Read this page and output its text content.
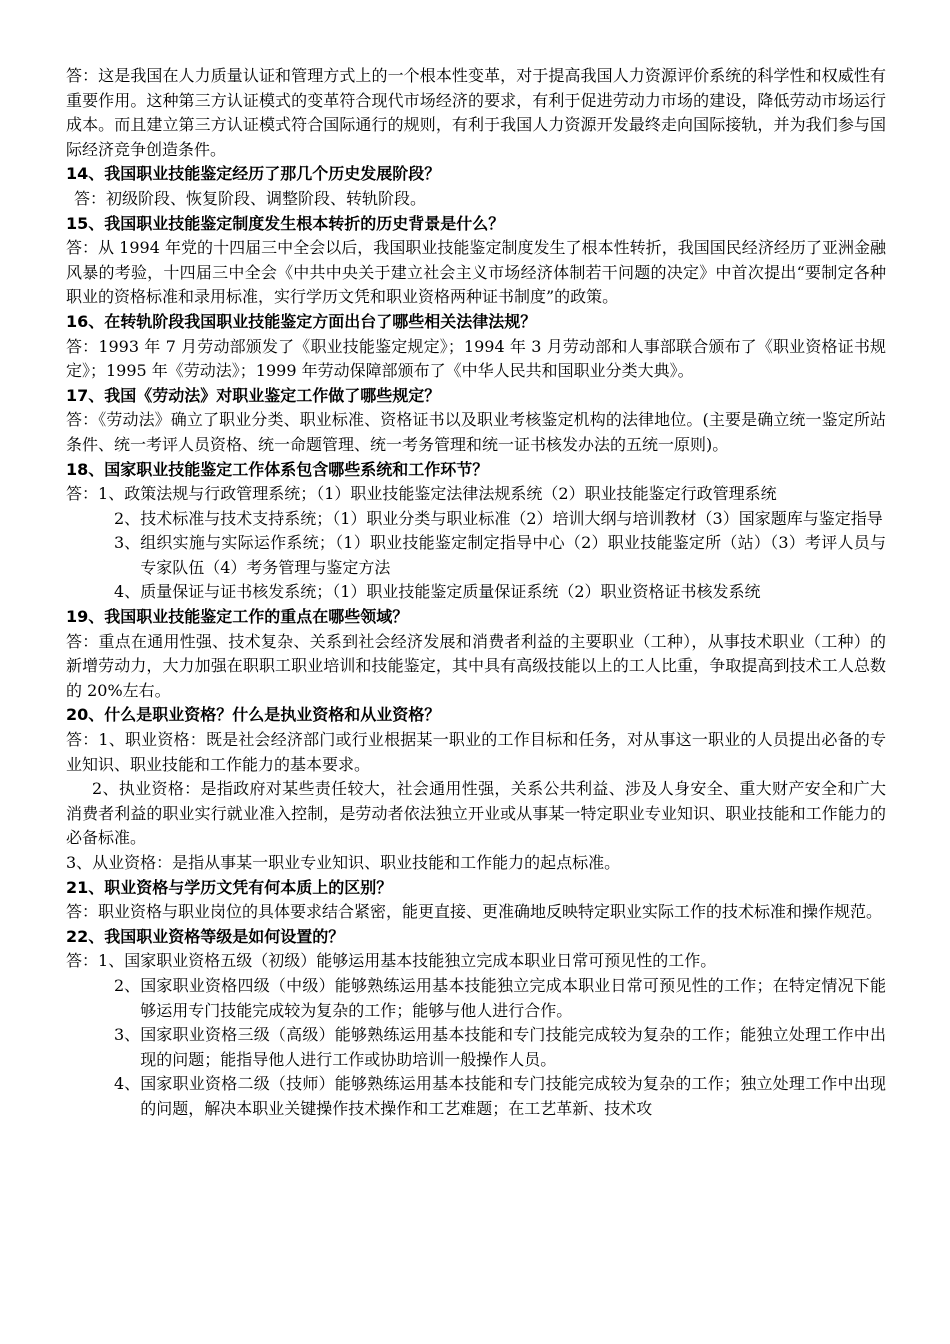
答：这是我国在人力质量认证和管理方式上的一个根本性变革，对于提高我国人力资源评价系统的科学性和权威性有重要作用。这种第三方认证模式的变革符合现代市场经济的要求，有利于促进劳动力市场的建设，降低劳动市场运行成本。而且建立第三方认证模式符合国际通行的规则，有利于我国人力资源开发最终走向国际接轨，并为我们参与国际经济竞争创造条件。

14、我国职业技能鉴定经历了那几个历史发展阶段？

答：初级阶段、恢复阶段、调整阶段、转轨阶段。

15、我国职业技能鉴定制度发生根本转折的历史背景是什么？

答：从 1994 年党的十四届三中全会以后，我国职业技能鉴定制度发生了根本性转折，我国国民经济经历了亚洲金融风暴的考验，十四届三中全会《中共中央关于建立社会主义市场经济体制若干问题的决定》中首次提出“要制定各种职业的资格标准和录用标准，实行学历文凭和职业资格两种证书制度”的政策。

16、在转轨阶段我国职业技能鉴定方面出台了哪些相关法律法规？

答：1993 年 7 月劳动部颁发了《职业技能鉴定规定》；1994 年 3 月劳动部和人事部联合颁布了《职业资格证书规定》；1995 年《劳动法》；1999 年劳动保障部颁布了《中华人民共和国职业分类大典》。

17、我国《劳动法》对职业鉴定工作做了哪些规定？

答：《劳动法》确立了职业分类、职业标准、资格证书以及职业考核鉴定机构的法律地位。(主要是确立统一鉴定所站条件、统一考评人员资格、统一命题管理、统一考务管理和统一证书核发办法的五统一原则)。

18、国家职业技能鉴定工作体系包含哪些系统和工作环节？

答： 1、 政策法规与行政管理系统；（1）职业技能鉴定法律法规系统（2）职业技能鉴定行政管理系统
2、 技术标准与技术支持系统；（1）职业分类与职业标准（2）培训大纲与培训教材（3）国家题库与鉴定指导
3、 组织实施与实际运作系统；（1）职业技能鉴定制定指导中心（2）职业技能鉴定所（站）（3）考评人员与专家队伍（4）考务管理与鉴定方法
4、 质量保证与证书核发系统；（1）职业技能鉴定质量保证系统（2）职业资格证书核发系统

19、我国职业技能鉴定工作的重点在哪些领域？

答：重点在通用性强、技术复杂、关系到社会经济发展和消费者利益的主要职业（工种），从事技术职业（工种）的新增劳动力，大力加强在职职工职业培训和技能鉴定，其中具有高级技能以上的工人比重，争取提高到技术工人总数的 20%左右。

20、什么是职业资格？什么是执业资格和从业资格？

答：1、职业资格：既是社会经济部门或行业根据某一职业的工作目标和任务，对从事这一职业的人员提出必备的专业知识、职业技能和工作能力的基本要求。

2、执业资格：是指政府对某些责任较大，社会通用性强，关系公共利益、涉及人身安全、重大财产安全和广大消费者利益的职业实行就业准入控制，是劳动者依法独立开业或从事某一特定职业专业知识、职业技能和工作能力的必备标准。

3、从业资格：是指从事某一职业专业知识、职业技能和工作能力的起点标准。

21、职业资格与学历文凭有何本质上的区别？

答：职业资格与职业岗位的具体要求结合紧密，能更直接、更准确地反映特定职业实际工作的技术标准和操作规范。

22、我国职业资格等级是如何设置的？

答： 1、 国家职业资格五级（初级）能够运用基本技能独立完成本职业日常可预见性的工作。
2、 国家职业资格四级（中级）能够熟练运用基本技能独立完成本职业日常可预见性的工作；在特定情况下能够运用专门技能完成较为复杂的工作；能够与他人进行合作。
3、 国家职业资格三级（高级）能够熟练运用基本技能和专门技能完成较为复杂的工作；能独立处理工作中出现的问题；能指导他人进行工作或协助培训一般操作人员。
4、 国家职业资格二级（技师）能够熟练运用基本技能和专门技能完成较为复杂的工作；独立处理工作中出现的问题，解决本职业关键操作技术操作和工艺难题；在工艺革新、技术攻
